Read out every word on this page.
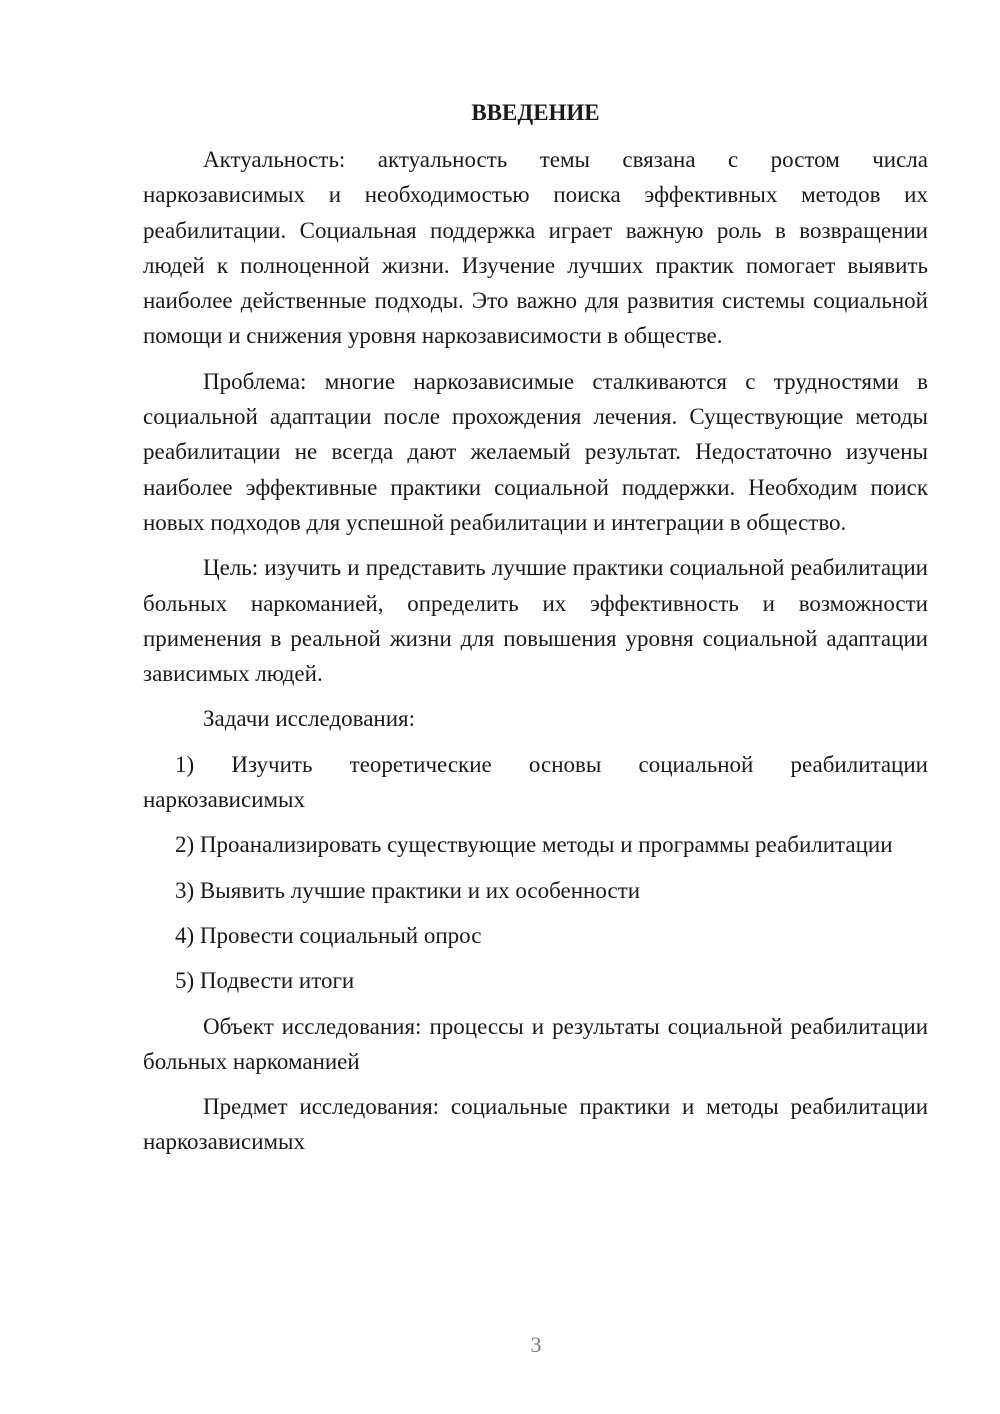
ВВЕДЕНИЕ

Актуальность: актуальность темы связана с ростом числа наркозависимых и необходимостью поиска эффективных методов их реабилитации. Социальная поддержка играет важную роль в возвращении людей к полноценной жизни. Изучение лучших практик помогает выявить наиболее действенные подходы. Это важно для развития системы социальной помощи и снижения уровня наркозависимости в обществе.

Проблема: многие наркозависимые сталкиваются с трудностями в социальной адаптации после прохождения лечения. Существующие методы реабилитации не всегда дают желаемый результат. Недостаточно изучены наиболее эффективные практики социальной поддержки. Необходим поиск новых подходов для успешной реабилитации и интеграции в общество.

Цель: изучить и представить лучшие практики социальной реабилитации больных наркоманией, определить их эффективность и возможности применения в реальной жизни для повышения уровня социальной адаптации зависимых людей.

Задачи исследования:

1) Изучить теоретические основы социальной реабилитации наркозависимых

2) Проанализировать существующие методы и программы реабилитации

3) Выявить лучшие практики и их особенности

4) Провести социальный опрос

5) Подвести итоги

Объект исследования: процессы и результаты социальной реабилитации больных наркоманией

Предмет исследования: социальные практики и методы реабилитации наркозависимых

3
